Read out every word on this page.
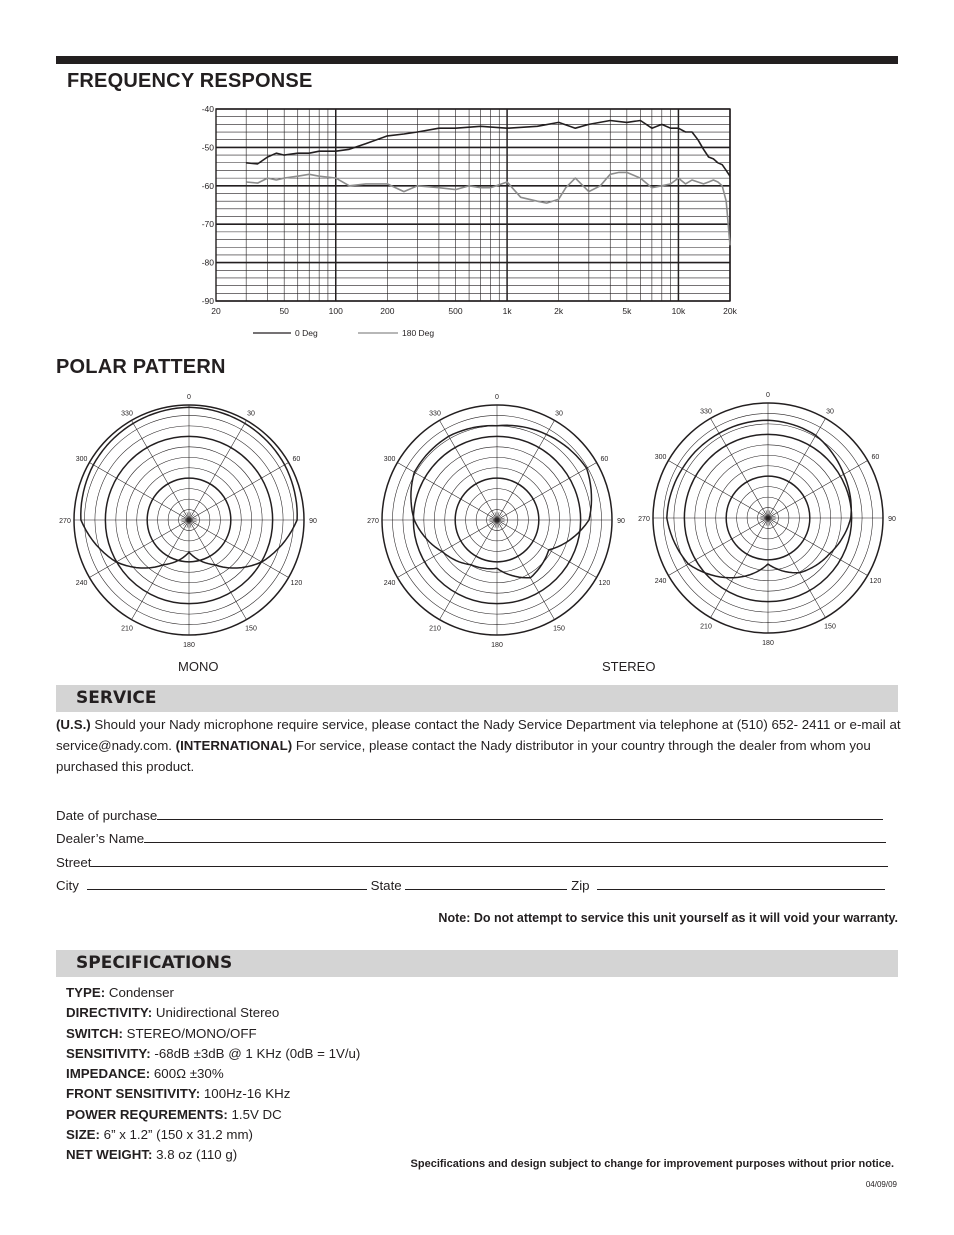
FREQUENCY RESPONSE
20	50	100	200	500	1k	2k	5k	10k	20k
-40
-50
-60
-70
-80
-90
0 Deg	180 Deg
POLAR PATTERN
0
30
60
90
120
150
180
210
240
270
300
330
0
30
60
90
120
150
180
210
240
270
300
330
0
30
60
90
120
150
180
210
240
270
300
330
MONO	STEREO
SERVICE
(U.S.) Should your Nady microphone require service, please contact the Nady Service Department via telephone at (510) 652- 2411 or e-mail at service@nady.com. (INTERNATIONAL) For service, please contact the Nady distributor in your country through the dealer from whom you purchased this product.
Date of purchase
Dealer’s Name
Street
City	State	Zip
Note: Do not attempt to service this unit yourself as it will void your warranty.
SPECIFICATIONS
TYPE: Condenser
DIRECTIVITY: Unidirectional Stereo
SWITCH: STEREO/MONO/OFF
SENSITIVITY: -68dB ±3dB @ 1 KHz (0dB = 1V/u)
IMPEDANCE: 600Ω ±30%
FRONT SENSITIVITY: 100Hz-16 KHz
POWER REQUREMENTS: 1.5V DC
SIZE: 6” x 1.2” (150 x 31.2 mm)
NET WEIGHT: 3.8 oz (110 g)
Specifications and design subject to change for improvement purposes without prior notice.
04/09/09
